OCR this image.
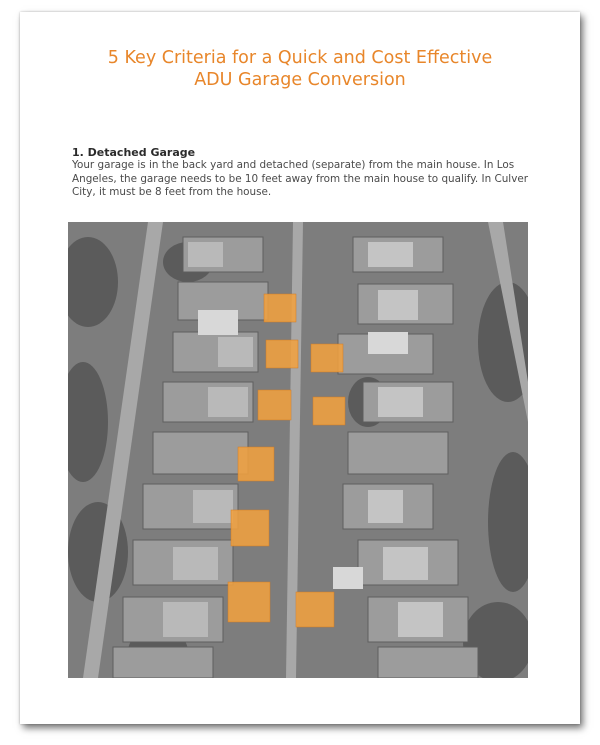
5 Key Criteria for a Quick and Cost Effective
ADU Garage Conversion
1. Detached Garage
Your garage is in the back yard and detached (separate) from the main house. In Los Angeles, the garage needs to be 10 feet away from the main house to qualify. In Culver City, it must be 8 feet from the house.
